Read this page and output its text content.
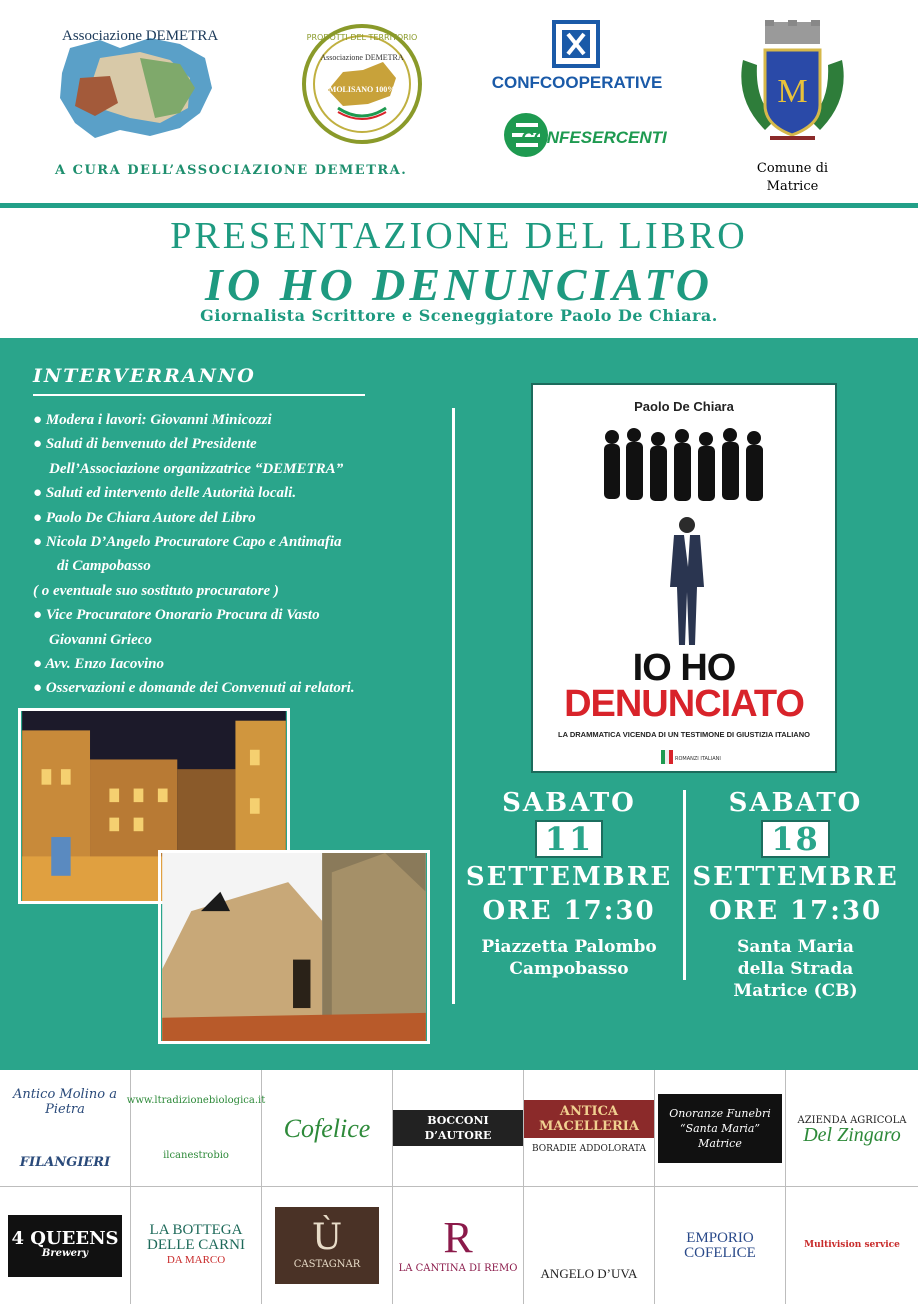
Associazione DEMETRA
A CURA DELL’ASSOCIAZIONE DEMETRA.
PRODOTTI DEL TERRITORIO
Associazione DEMETRA
MOLISANO 100%	CONFCOOPERATIVE
CONFESERCENTI
M
Comune di
Matrice
PRESENTAZIONE DEL LIBRO
IO HO DENUNCIATO
Giornalista Scrittore e Sceneggiatore Paolo De Chiara.
INTERVERRANNO
● Modera i lavori: Giovanni Minicozzi
● Saluti di benvenuto del Presidente
Dell’Associazione organizzatrice “DEMETRA”
● Saluti ed intervento delle Autorità locali.
● Paolo De Chiara Autore del Libro
● Nicola D’Angelo Procuratore Capo e Antimafia
di Campobasso
( o eventuale suo sostituto procuratore )
● Vice Procuratore Onorario Procura di Vasto
Giovanni Grieco
● Avv. Enzo Iacovino
● Osservazioni e domande dei Convenuti ai relatori.
Paolo De Chiara
IO HO
DENUNCIATO
LA DRAMMATICA VICENDA DI UN TESTIMONE DI GIUSTIZIA ITALIANO
ROMANZI ITALIANI
SABATO
11
SETTEMBRE
ORE 17:30
Piazzetta Palombo
Campobasso
SABATO
18
SETTEMBRE
ORE 17:30
Santa Maria
della Strada
Matrice (CB)
Antico Molino a Pietra
FILANGIERI
www.ltradizionebiologica.it
ilcanestrobio
Cofelice	BOCCONI D’AUTORE
ANTICA MACELLERIA
BORADIE ADDOLORATA
Onoranze Funebri
“Santa Maria” Matrice
AZIENDA AGRICOLA
Del Zingaro
4 QUEENS
Brewery
LA BOTTEGA DELLE CARNI
DA MARCO
Ù
CASTAGNAR
R
LA CANTINA DI REMO ANGELO D’UVA
EMPORIO
COFELICE	Multivision service
